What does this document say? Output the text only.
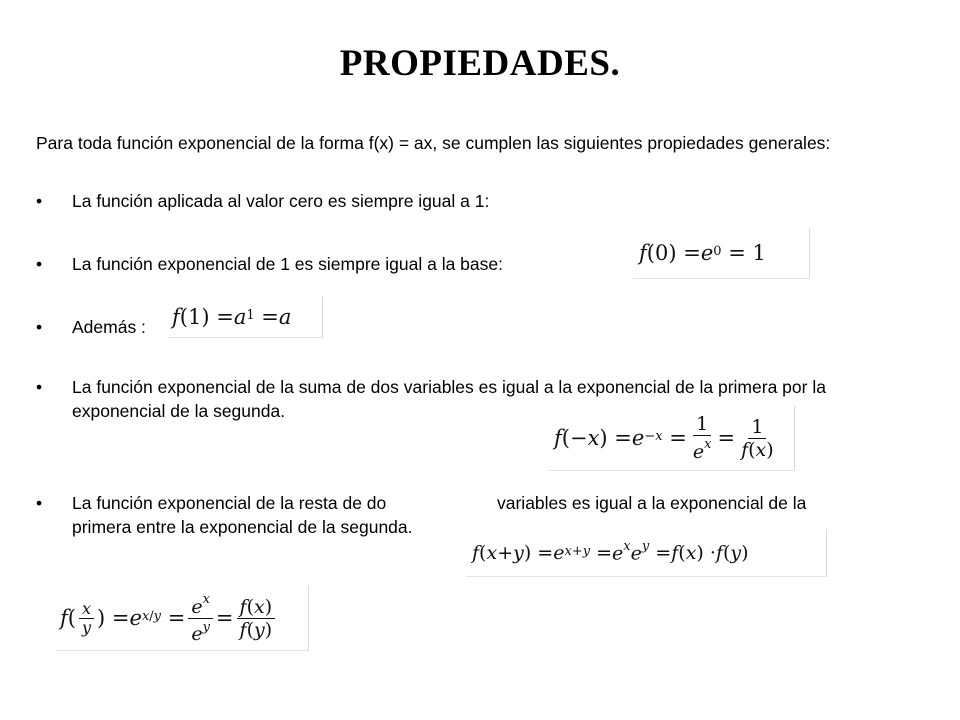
PROPIEDADES.
Para toda función exponencial de la forma f(x) = ax, se cumplen las siguientes propiedades generales:
• La función aplicada al valor cero es siempre igual a 1:
• La función exponencial de 1 es siempre igual a la base:
• Además :
• La función exponencial de la suma de dos variables es igual a la exponencial de la primera por la exponencial de la segunda.
• La función exponencial de la resta de do	variables es igual a la exponencial de la
primera entre la exponencial de la segunda.
f $(0) = e^0 = 1$
f $(1) = a^1 = a$
f (− x ) = $e^{-x} = \frac{1}{e^x} = \frac{1}{f(x)}$
f ( x + y ) = e $^{x+y} = e^xe^y = f$ ( x ) · f ( y )
f ( $\frac{x}{y}$ ) = e $^{x/y} = \frac{e^x}{e^y} = \frac{f(x)}{f(y)}$
